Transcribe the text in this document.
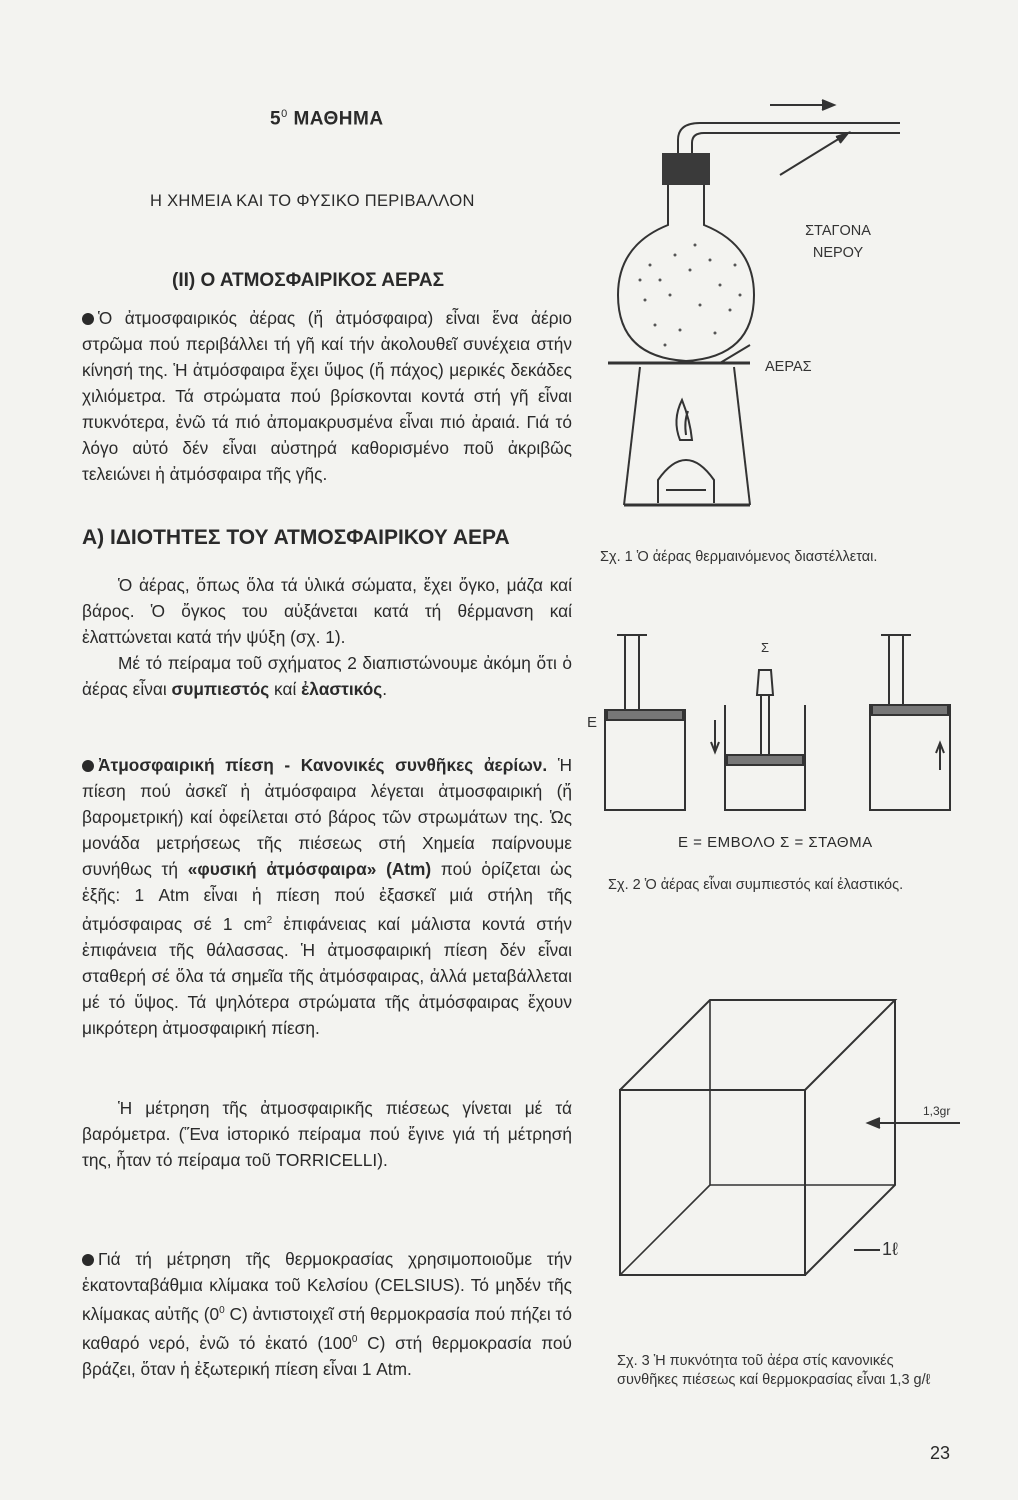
$5^0$ ΜΑΘΗΜΑ
Η ΧΗΜΕΙΑ ΚΑΙ ΤΟ ΦΥΣΙΚΟ ΠΕΡΙΒΑΛΛΟΝ
(ΙΙ) Ο ΑΤΜΟΣΦΑΙΡΙΚΟΣ ΑΕΡΑΣ

Ὁ ἀτμοσφαιρικός ἀέρας (ἤ ἀτμόσφαιρα) εἶναι ἕνα ἀέριο στρῶμα πού περιβάλλει τή γῆ καί τήν ἀκολουθεῖ συνέχεια στήν κίνησή της. Ἡ ἀτμόσφαιρα ἔχει ὕψος (ἤ πάχος) μερικές δεκάδες χιλιόμετρα. Τά στρώματα πού βρίσκονται κοντά στή γῆ εἶναι πυκνότερα, ἐνῶ τά πιό ἀπομακρυσμένα εἶναι πιό ἀραιά. Γιά τό λόγο αὐτό δέν εἶναι αὐστηρά καθορισμένο ποῦ ἀκριβῶς τελειώνει ἡ ἀτμόσφαιρα τῆς γῆς.

Α) ΙΔΙΟΤΗΤΕΣ ΤΟΥ ΑΤΜΟΣΦΑΙΡΙΚΟΥ ΑΕΡΑ

Ὁ ἀέρας, ὅπως ὅλα τά ὑλικά σώματα, ἔχει ὄγκο, μάζα καί βάρος. Ὁ ὄγκος του αὐξάνεται κατά τή θέρμανση καί ἐλαττώνεται κατά τήν ψύξη (σχ. 1).

Μέ τό πείραμα τοῦ σχήματος 2 διαπιστώνουμε ἀκόμη ὅτι ὁ ἀέρας εἶναι συμπιεστός καί ἐλαστικός.

Ἀτμοσφαιρική πίεση - Κανονικές συνθῆκες ἀερίων. Ἡ πίεση πού ἀσκεῖ ἡ ἀτμόσφαιρα λέγεται ἀτμοσφαιρική (ἤ βαρομετρική) καί ὀφείλεται στό βάρος τῶν στρωμάτων της. Ὡς μονάδα μετρήσεως τῆς πιέσεως στή Χημεία παίρνουμε συνήθως τή «φυσική ἀτμόσφαιρα» (Atm) πού ὁρίζεται ὡς ἑξῆς: 1 Atm εἶναι ἡ πίεση πού ἐξασκεῖ μιά στήλη τῆς ἀτμόσφαιρας σέ 1 $cm^2$ ἐπιφάνειας καί μάλιστα κοντά στήν ἐπιφάνεια τῆς θάλασσας. Ἡ ἀτμοσφαιρική πίεση δέν εἶναι σταθερή σέ ὅλα τά σημεῖα τῆς ἀτμόσφαιρας, ἀλλά μεταβάλλεται μέ τό ὕψος. Τά ψηλότερα στρώματα τῆς ἀτμόσφαιρας ἔχουν μικρότερη ἀτμοσφαιρική πίεση.

Ἡ μέτρηση τῆς ἀτμοσφαιρικῆς πιέσεως γίνεται μέ τά βαρόμετρα. (Ἕνα ἱστορικό πείραμα πού ἔγινε γιά τή μέτρησή της, ἦταν τό πείραμα τοῦ TORRICELLI).

Γιά τή μέτρηση τῆς θερμοκρασίας χρησιμοποιοῦμε τήν ἑκατονταβάθμια κλίμακα τοῦ Κελσίου (CELSIUS). Τό μηδέν τῆς κλίμακας αὐτῆς ($0^0$ C) ἀντιστοιχεῖ στή θερμοκρασία πού πήζει τό καθαρό νερό, ἐνῶ τό ἑκατό ($100^0$ C) στή θερμοκρασία πού βράζει, ὅταν ἡ ἐξωτερική πίεση εἶναι 1 Atm.

ΣΤΑΓΟΝΑ
ΝΕΡΟΥ
ΑΕΡΑΣ
Σχ. 1 Ὁ ἀέρας θερμαινόμενος διαστέλλεται.
Σ
Ε
Ε = ΕΜΒΟΛΟ Σ = ΣΤΑΘΜΑ
Σχ. 2 Ὁ ἀέρας εἶναι συμπιεστός καί ἐλαστικός.
1,3gr
1ℓ
Σχ. 3 Ἡ πυκνότητα τοῦ ἀέρα στίς κανονικές συνθῆκες πιέσεως καί θερμοκρασίας εἶναι 1,3 g/ℓ
23
